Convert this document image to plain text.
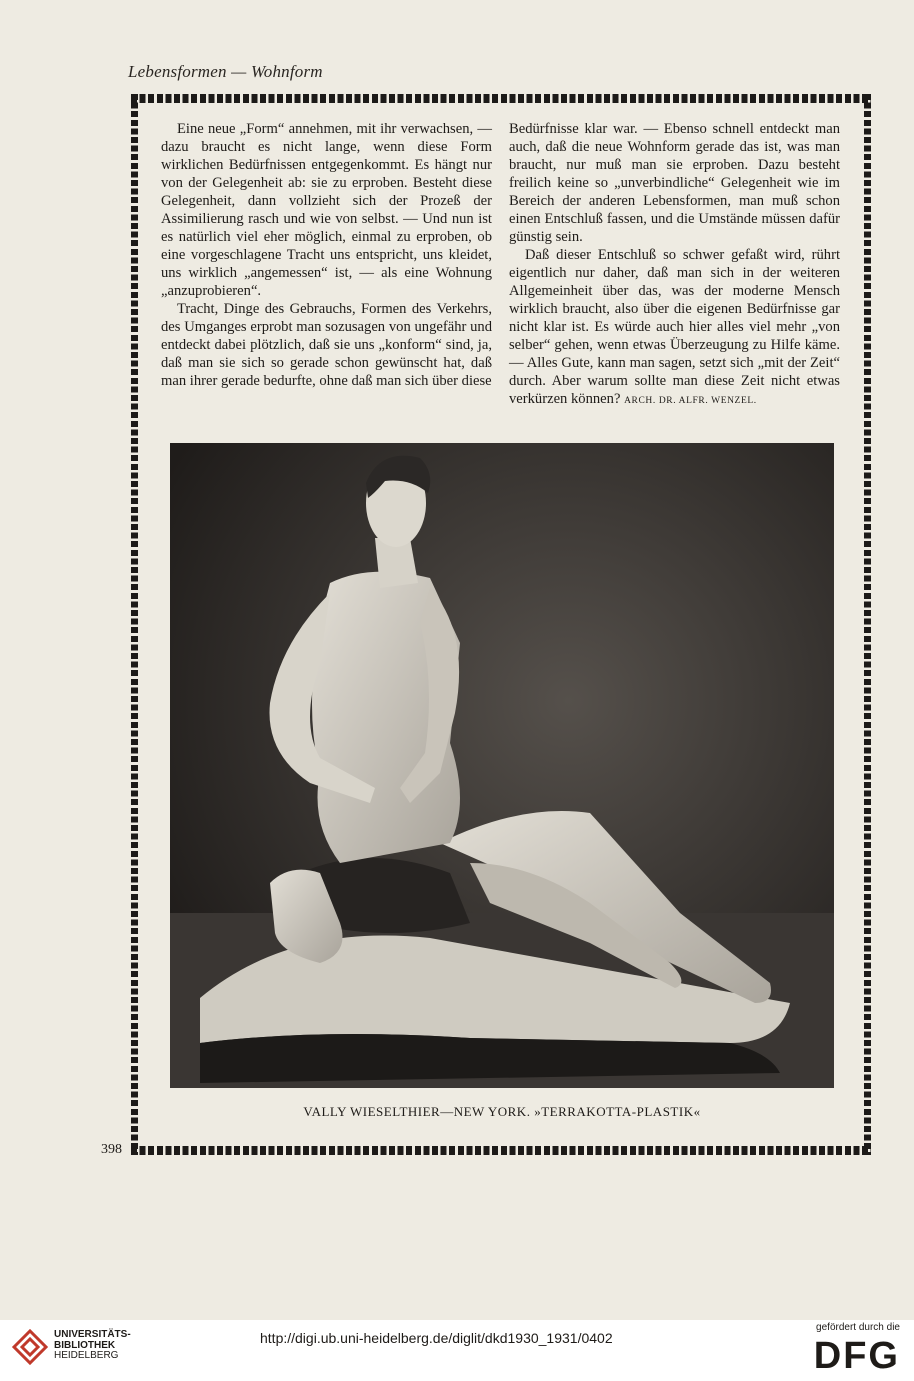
Lebensformen — Wohnform

Eine neue „Form“ annehmen, mit ihr verwachsen, — dazu braucht es nicht lange, wenn diese Form wirklichen Bedürfnissen entgegenkommt. Es hängt nur von der Gelegenheit ab: sie zu erproben. Besteht diese Gelegenheit, dann vollzieht sich der Prozeß der Assimilierung rasch und wie von selbst. — Und nun ist es natürlich viel eher möglich, einmal zu erproben, ob eine vorgeschlagene Tracht uns entspricht, uns kleidet, uns wirklich „angemessen“ ist, — als eine Wohnung „anzuprobieren“.

Tracht, Dinge des Gebrauchs, Formen des Verkehrs, des Umganges erprobt man sozusagen von ungefähr und entdeckt dabei plötzlich, daß sie uns „konform“ sind, ja, daß man sie sich so gerade schon gewünscht hat, daß man ihrer gerade bedurfte, ohne daß man sich über diese

Bedürfnisse klar war. — Ebenso schnell entdeckt man auch, daß die neue Wohnform gerade das ist, was man braucht, nur muß man sie erproben. Dazu besteht freilich keine so „unverbindliche“ Gelegenheit wie im Bereich der anderen Lebensformen, man muß schon einen Entschluß fassen, und die Umstände müssen dafür günstig sein.

Daß dieser Entschluß so schwer gefaßt wird, rührt eigentlich nur daher, daß man sich in der weiteren Allgemeinheit über das, was der moderne Mensch wirklich braucht, also über die eigenen Bedürfnisse gar nicht klar ist. Es würde auch hier alles viel mehr „von selber“ gehen, wenn etwas Überzeugung zu Hilfe käme. — Alles Gute, kann man sagen, setzt sich „mit der Zeit“ durch. Aber warum sollte man diese Zeit nicht etwas verkürzen können? ARCH. DR. ALFR. WENZEL.

VALLY WIESELTHIER—NEW YORK. »TERRAKOTTA-PLASTIK«
398
UNIVERSITÄTS-
BIBLIOTHEK
HEIDELBERG
http://digi.ub.uni-heidelberg.de/diglit/dkd1930_1931/0402
gefördert durch die
DFG
